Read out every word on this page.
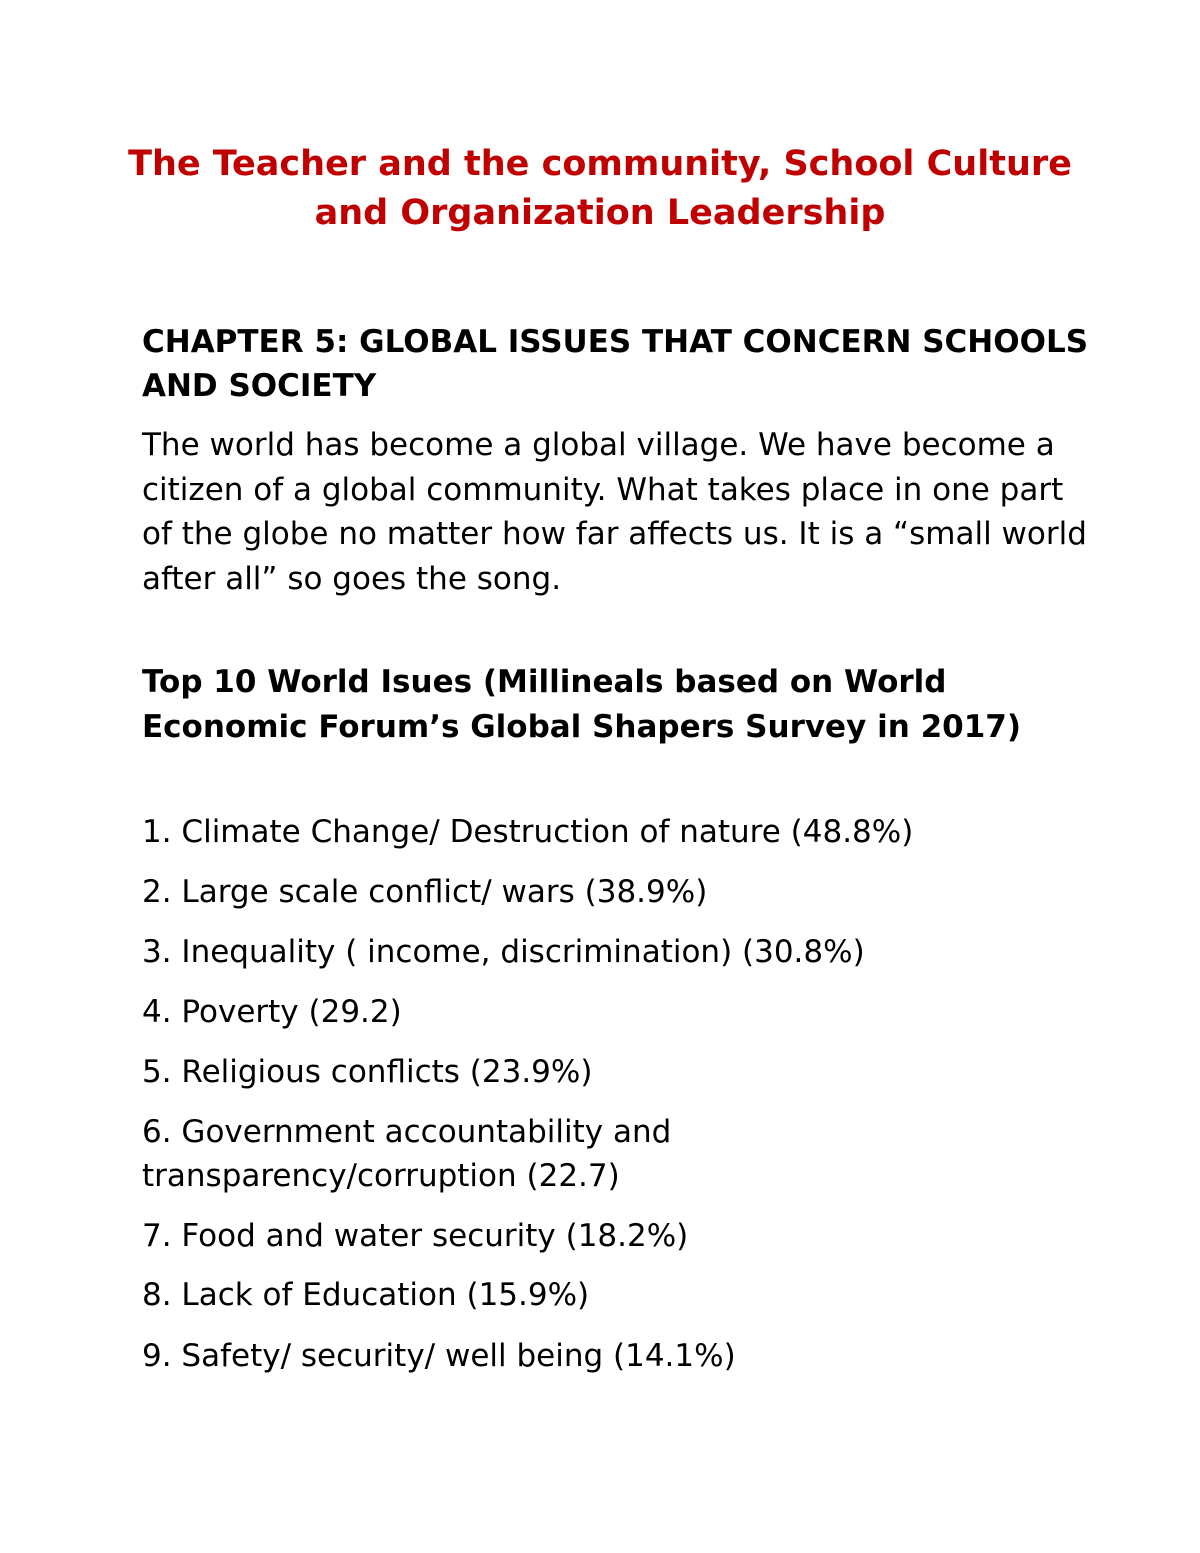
The Teacher and the community, School Culture and Organization Leadership
CHAPTER 5: GLOBAL ISSUES THAT CONCERN SCHOOLS AND SOCIETY

The world has become a global village. We have become a citizen of a global community. What takes place in one part of the globe no matter how far affects us. It is a “small world after all” so goes the song.

Top 10 World Isues (Millineals based on World Economic Forum’s Global Shapers Survey in 2017)
1. Climate Change/ Destruction of nature (48.8%)
2. Large scale conflict/ wars (38.9%)
3. Inequality ( income, discrimination) (30.8%)
4. Poverty (29.2)
5. Religious conflicts (23.9%)
6. Government accountability and transparency/corruption (22.7)
7. Food and water security (18.2%)
8. Lack of Education (15.9%)
9. Safety/ security/ well being (14.1%)
